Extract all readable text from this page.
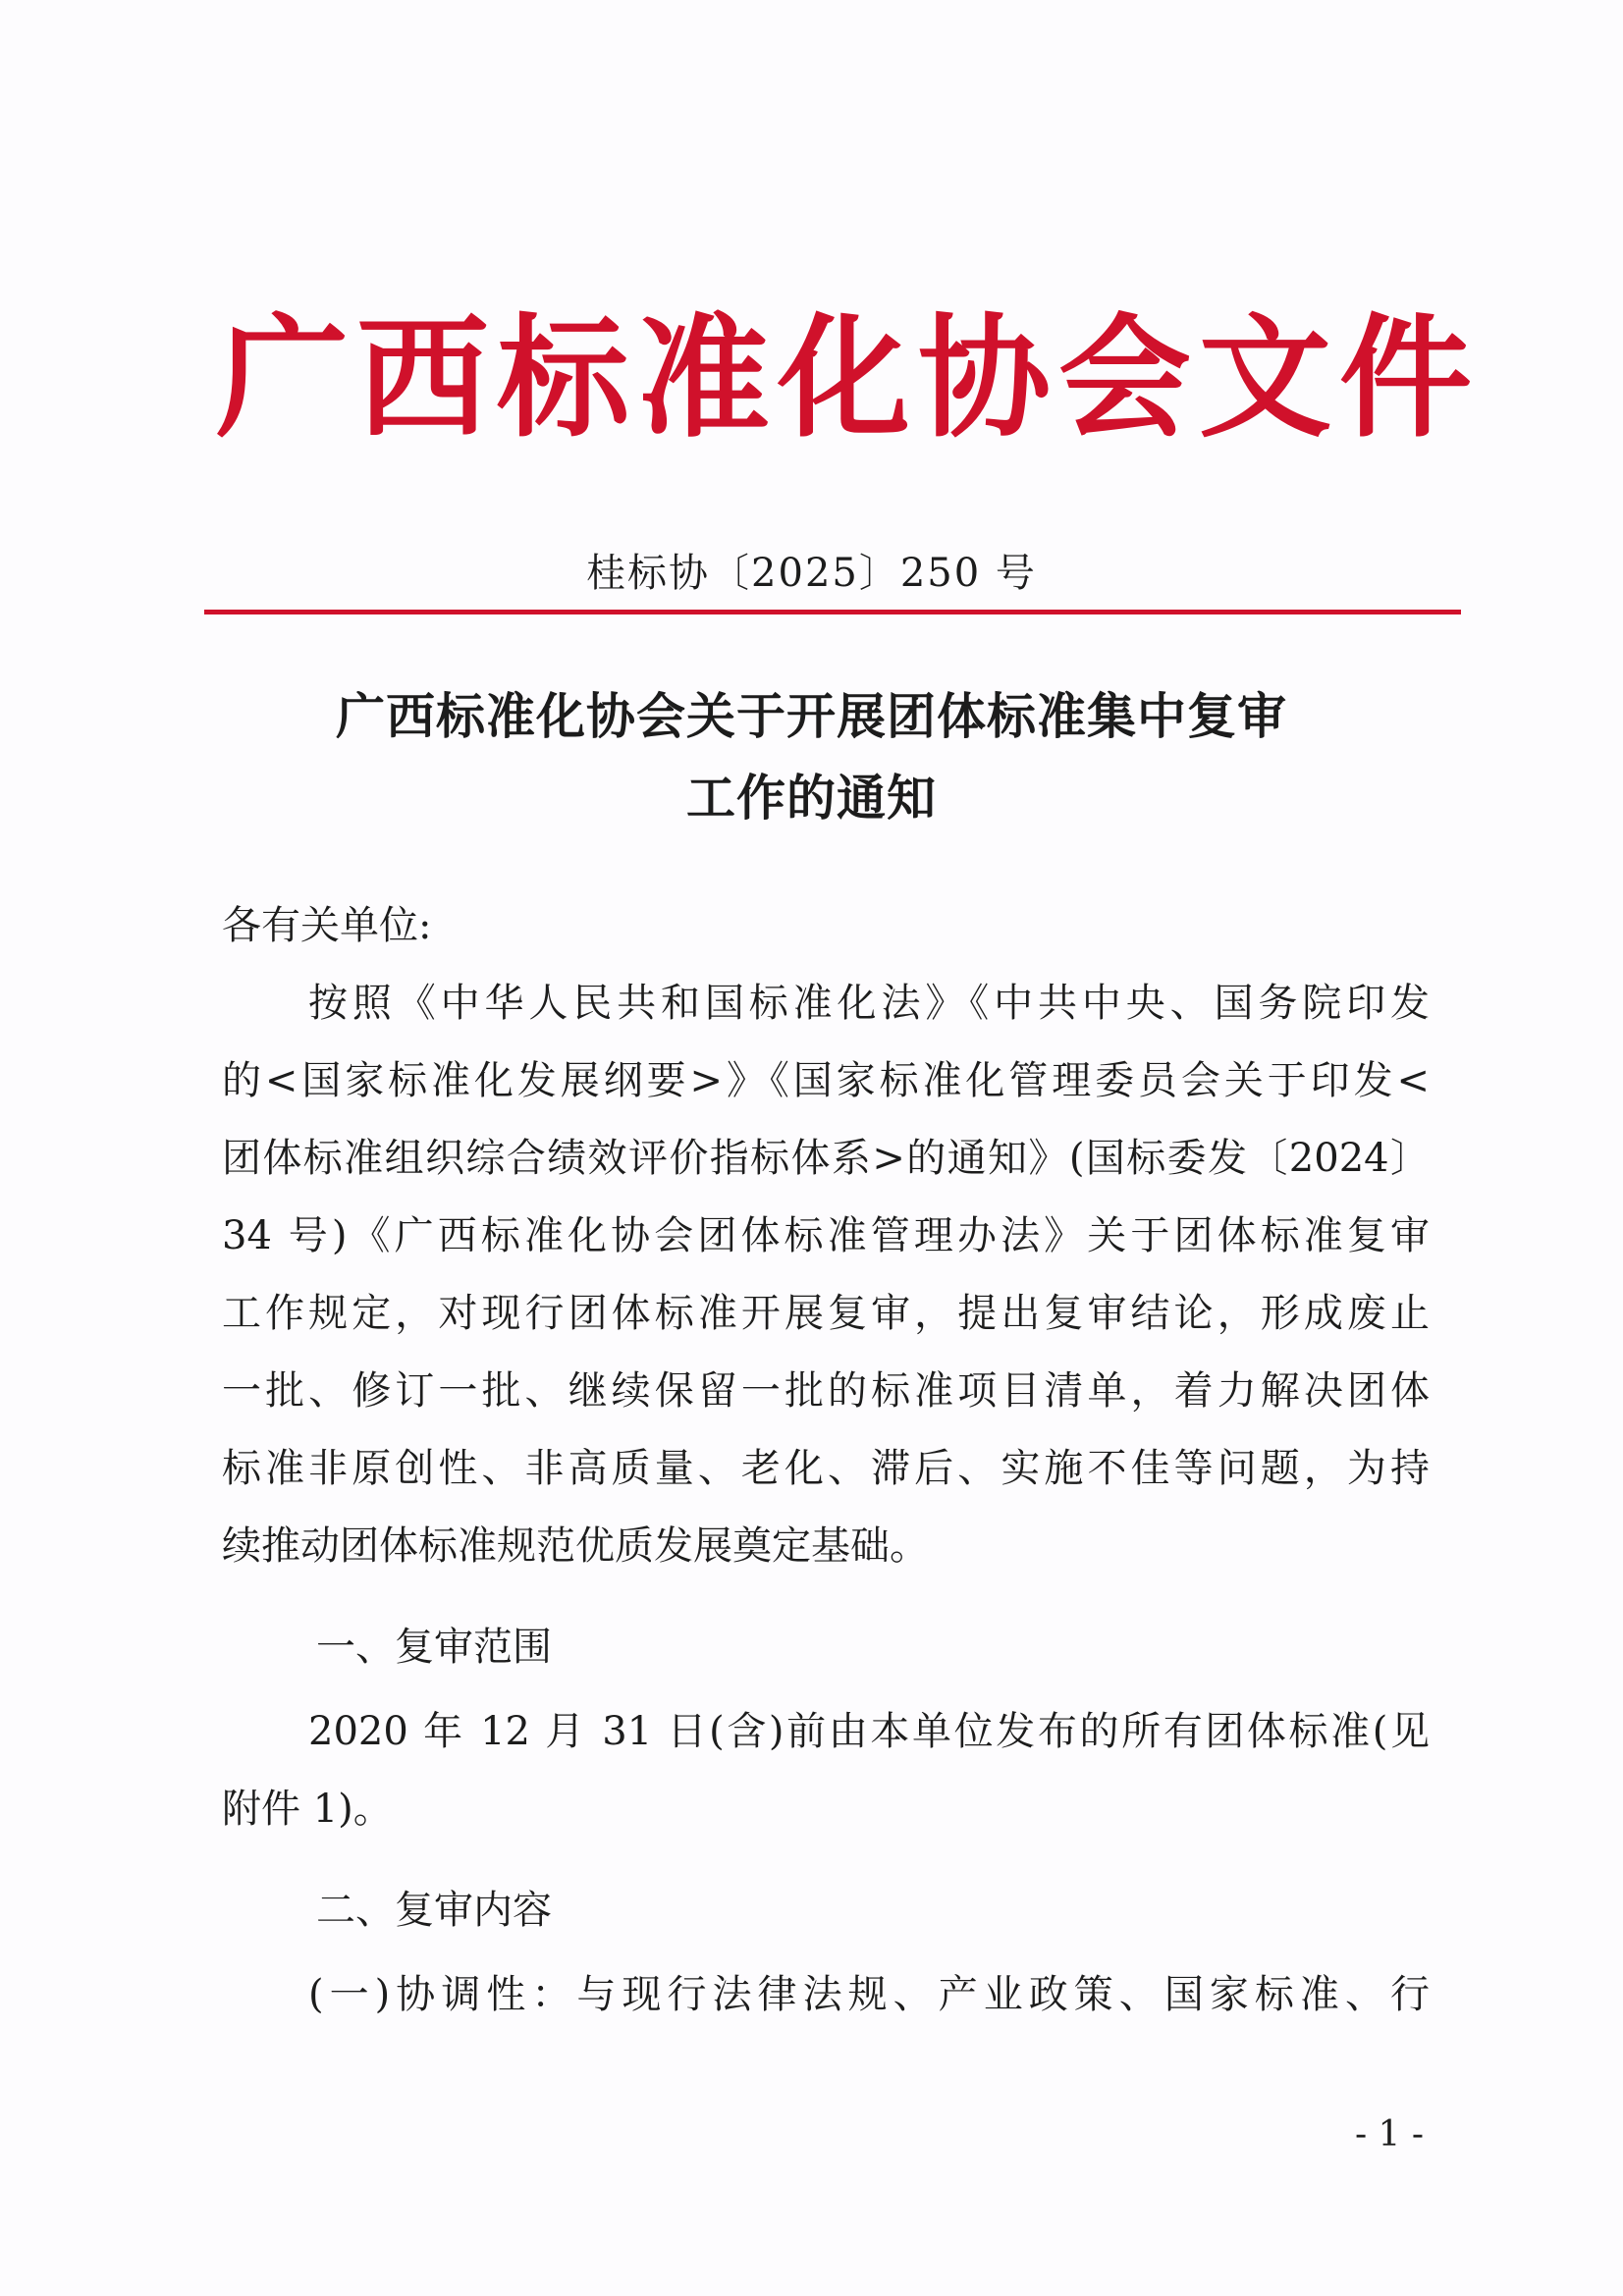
广西标准化协会文件
桂标协〔2025〕250 号
广西标准化协会关于开展团体标准集中复审
工作的通知
各有关单位:
按照《中华人民共和国标准化法》《中共中央、国务院印发
的<国家标准化发展纲要>》《国家标准化管理委员会关于印发<
团体标准组织综合绩效评价指标体系>的通知》(国标委发〔2024〕
34 号)《广西标准化协会团体标准管理办法》关于团体标准复审
工作规定，对现行团体标准开展复审，提出复审结论，形成废止
一批、修订一批、继续保留一批的标准项目清单，着力解决团体
标准非原创性、非高质量、老化、滞后、实施不佳等问题，为持
续推动团体标准规范优质发展奠定基础。
一、复审范围
2020 年 12 月 31 日(含)前由本单位发布的所有团体标准(见
附件 1)。
二、复审内容
(一)协调性：与现行法律法规、产业政策、国家标准、行
- 1 -
